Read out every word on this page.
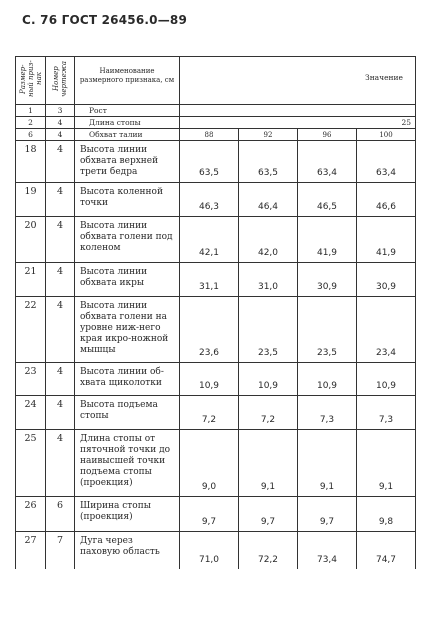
С. 76 ГОСТ 26456.0—89
Размер-ный приз-нак	Номер чертежа	Наименование размерного признака, см	Значение			
1	3	Рост				
2	4	Длина стопы	25			
6	4	Обхват талии	88	92	96	100
18	4	Высота линии обхвата верхней трети бедра	63,5	63,5	63,4	63,4
19	4	Высота коленной точки	46,3	46,4	46,5	46,6
20	4	Высота линии обхвата голени под коленом	42,1	42,0	41,9	41,9
21	4	Высота линии обхвата икры	31,1	31,0	30,9	30,9
22	4	Высота линии обхвата голени на уровне ниж-него края икро-ножной мышцы	23,6	23,5	23,5	23,4
23	4	Высота линии об-хвата щиколотки	10,9	10,9	10,9	10,9
24	4	Высота подъема стопы	7,2	7,2	7,3	7,3
25	4	Длина стопы от пяточной точки до наивысшей точки подъема стопы (проекция)	9,0	9,1	9,1	9,1
26	6	Ширина стопы (проекция)	9,7	9,7	9,7	9,8
27	7	Дуга через паховую область	71,0	72,2	73,4	74,7
